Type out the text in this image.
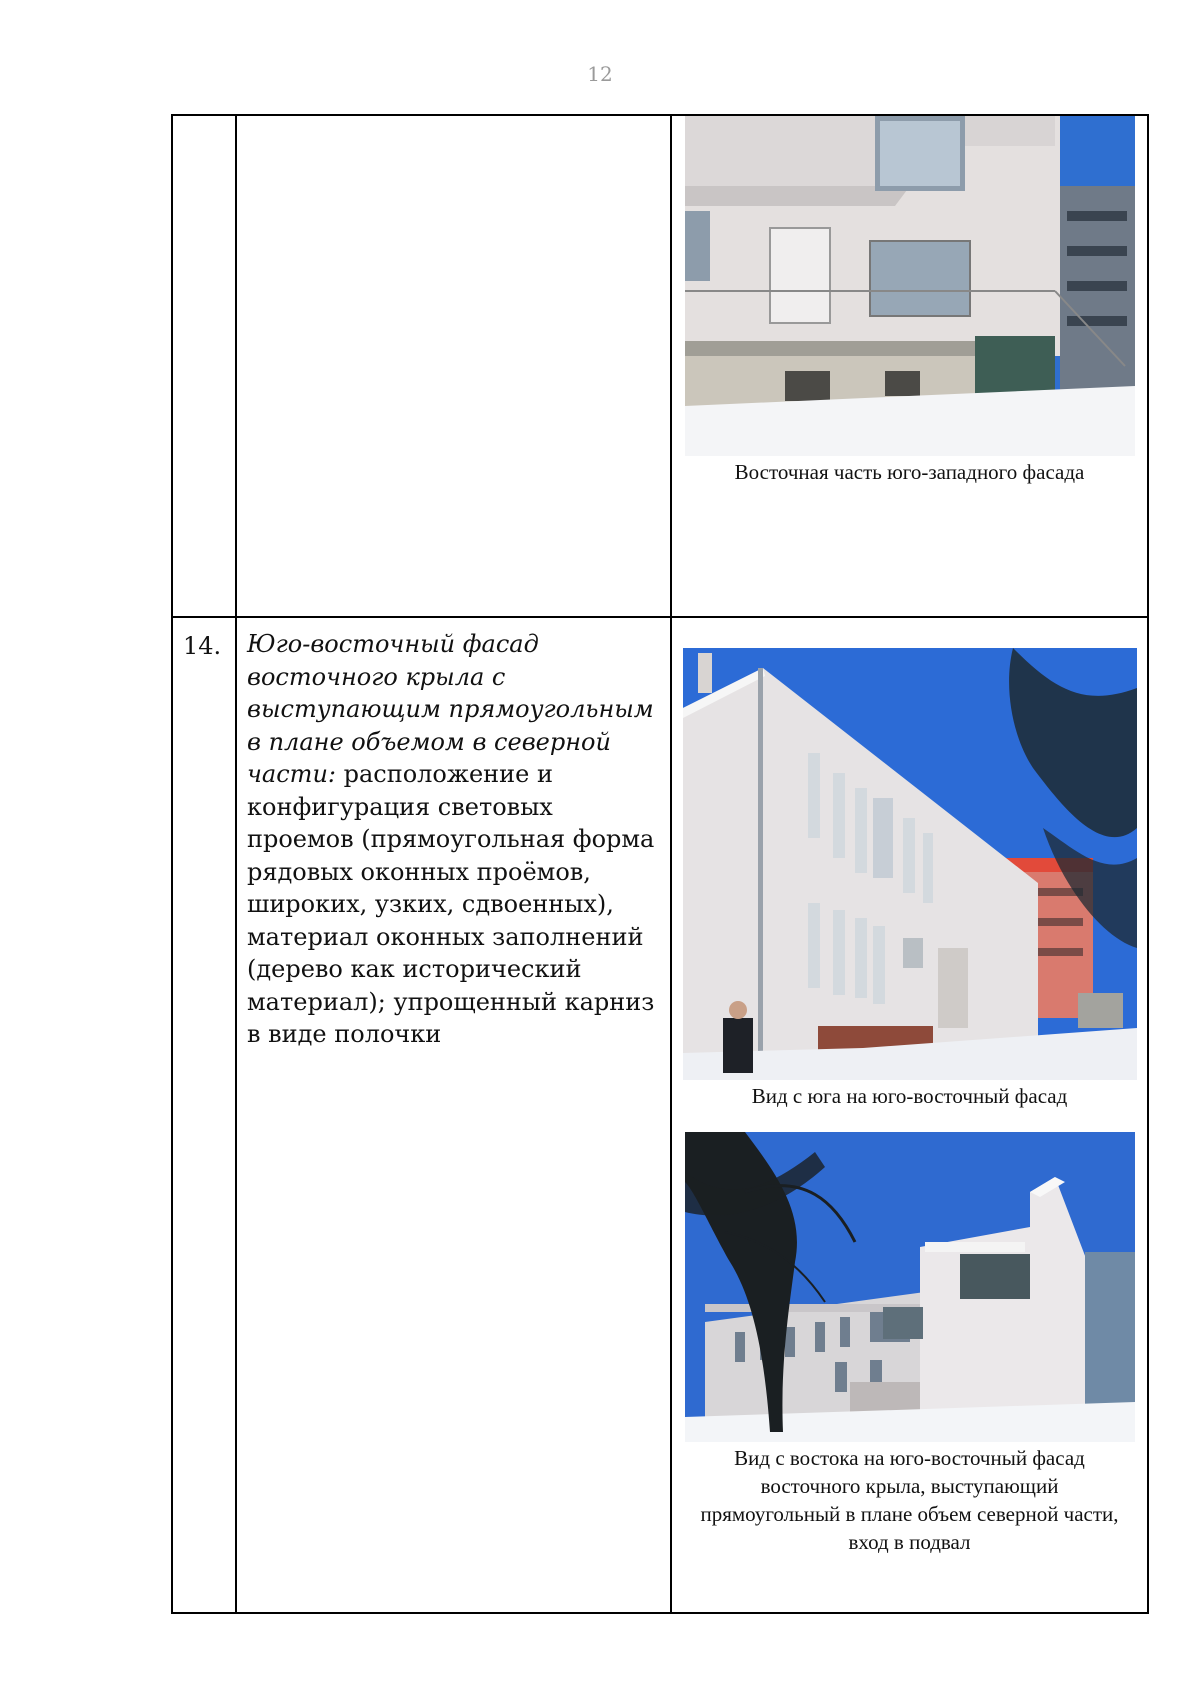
12

		Восточная часть юго-западного фасада

14.	Юго-восточный фасад восточного крыла с выступающим прямоугольным в плане объемом в северной части: расположение и конфигурация световых проемов (прямоугольная форма рядовых оконных проёмов, широких, узких, сдвоенных), материал оконных заполнений (дерево как исторический материал); упрощенный карниз в виде полочки	Вид с юга на юго-восточный фасад
Вид с востока на юго-восточный фасад восточного крыла, выступающий прямоугольный в плане объем северной части, вход в подвал
